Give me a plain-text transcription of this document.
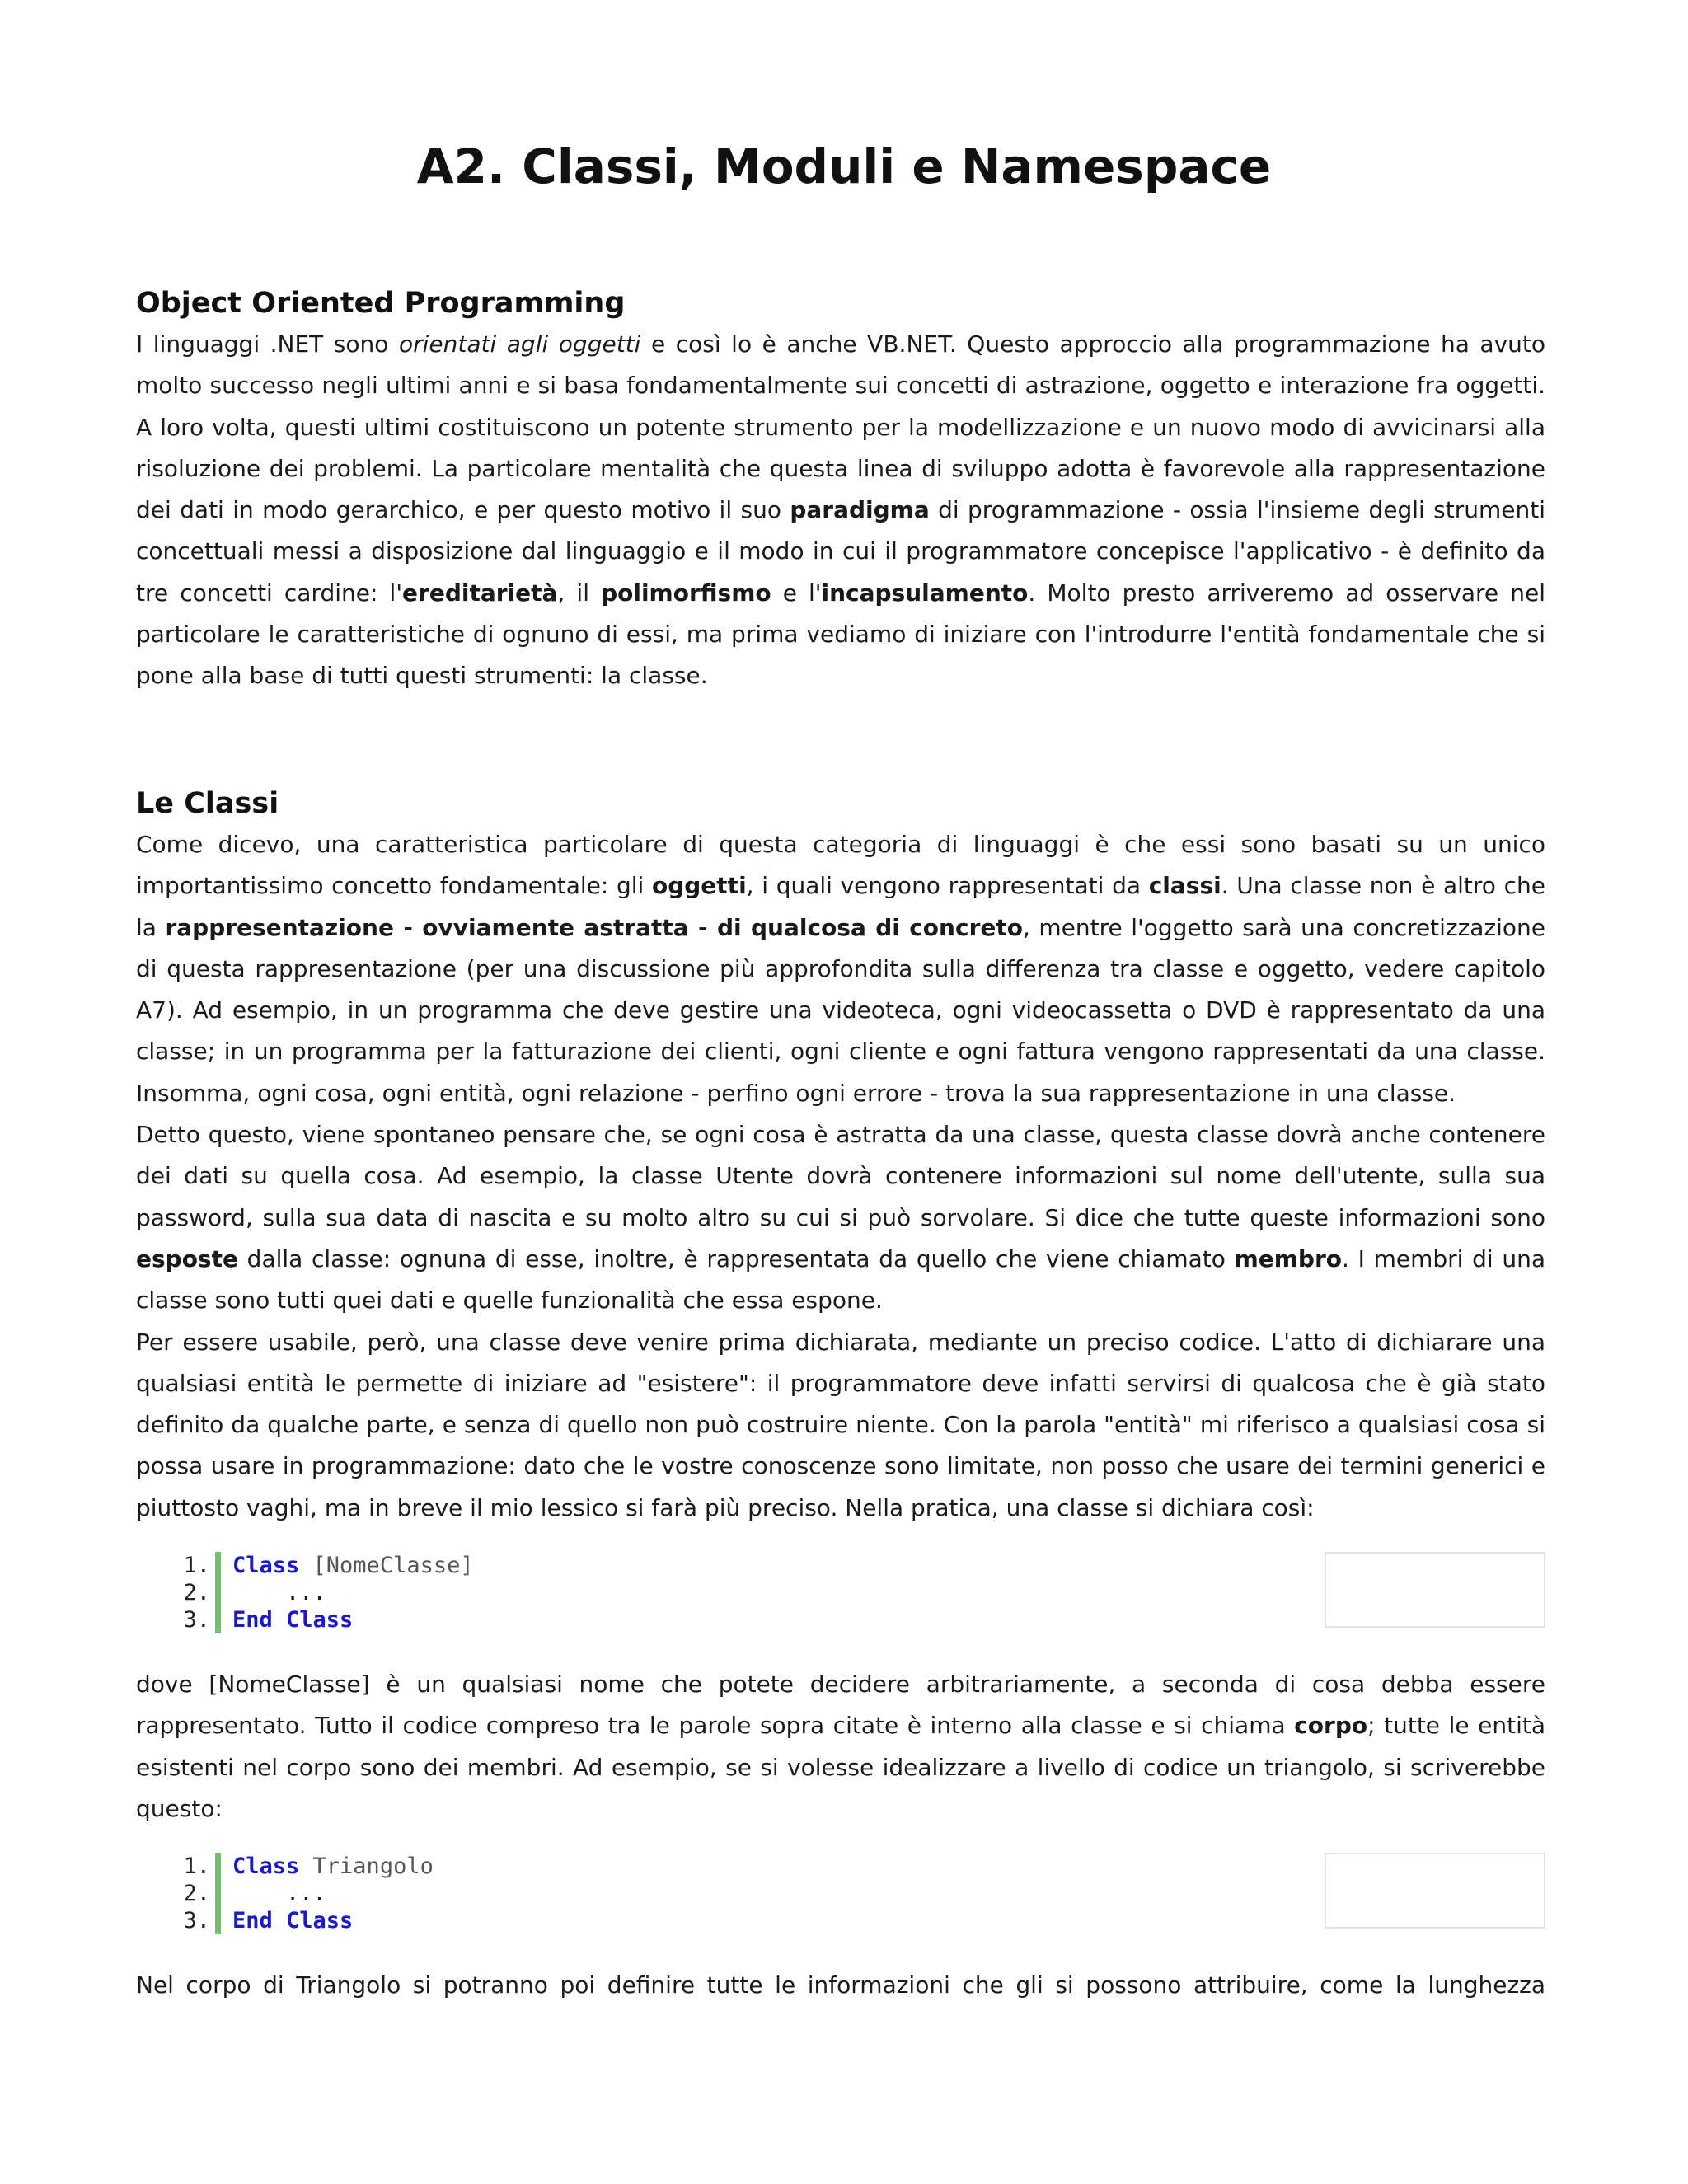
A2. Classi, Moduli e Namespace
Object Oriented Programming

I linguaggi .NET sono orientati agli oggetti e così lo è anche VB.NET. Questo approccio alla programmazione ha avuto molto successo negli ultimi anni e si basa fondamentalmente sui concetti di astrazione, oggetto e interazione fra oggetti. A loro volta, questi ultimi costituiscono un potente strumento per la modellizzazione e un nuovo modo di avvicinarsi alla risoluzione dei problemi. La particolare mentalità che questa linea di sviluppo adotta è favorevole alla rappresentazione dei dati in modo gerarchico, e per questo motivo il suo paradigma di programmazione - ossia l'insieme degli strumenti concettuali messi a disposizione dal linguaggio e il modo in cui il programmatore concepisce l'applicativo - è definito da tre concetti cardine: l'ereditarietà, il polimorfismo e l'incapsulamento. Molto presto arriveremo ad osservare nel particolare le caratteristiche di ognuno di essi, ma prima vediamo di iniziare con l'introdurre l'entità fondamentale che si pone alla base di tutti questi strumenti: la classe.

Le Classi

Come dicevo, una caratteristica particolare di questa categoria di linguaggi è che essi sono basati su un unico importantissimo concetto fondamentale: gli oggetti, i quali vengono rappresentati da classi. Una classe non è altro che la rappresentazione - ovviamente astratta - di qualcosa di concreto, mentre l'oggetto sarà una concretizzazione di questa rappresentazione (per una discussione più approfondita sulla differenza tra classe e oggetto, vedere capitolo A7). Ad esempio, in un programma che deve gestire una videoteca, ogni videocassetta o DVD è rappresentato da una classe; in un programma per la fatturazione dei clienti, ogni cliente e ogni fattura vengono rappresentati da una classe. Insomma, ogni cosa, ogni entità, ogni relazione - perfino ogni errore - trova la sua rappresentazione in una classe.

Detto questo, viene spontaneo pensare che, se ogni cosa è astratta da una classe, questa classe dovrà anche contenere dei dati su quella cosa. Ad esempio, la classe Utente dovrà contenere informazioni sul nome dell'utente, sulla sua password, sulla sua data di nascita e su molto altro su cui si può sorvolare. Si dice che tutte queste informazioni sono esposte dalla classe: ognuna di esse, inoltre, è rappresentata da quello che viene chiamato membro. I membri di una classe sono tutti quei dati e quelle funzionalità che essa espone.

Per essere usabile, però, una classe deve venire prima dichiarata, mediante un preciso codice. L'atto di dichiarare una qualsiasi entità le permette di iniziare ad "esistere": il programmatore deve infatti servirsi di qualcosa che è già stato definito da qualche parte, e senza di quello non può costruire niente. Con la parola "entità" mi riferisco a qualsiasi cosa si possa usare in programmazione: dato che le vostre conoscenze sono limitate, non posso che usare dei termini generici e piuttosto vaghi, ma in breve il mio lessico si farà più preciso. Nella pratica, una classe si dichiara così:

1. Class [NomeClasse]
2. ...
3. End Class

dove [NomeClasse] è un qualsiasi nome che potete decidere arbitrariamente, a seconda di cosa debba essere rappresentato. Tutto il codice compreso tra le parole sopra citate è interno alla classe e si chiama corpo; tutte le entità esistenti nel corpo sono dei membri. Ad esempio, se si volesse idealizzare a livello di codice un triangolo, si scriverebbe questo:

1. Class Triangolo
2. ...
3. End Class

Nel corpo di Triangolo si potranno poi definire tutte le informazioni che gli si possono attribuire, come la lunghezza
